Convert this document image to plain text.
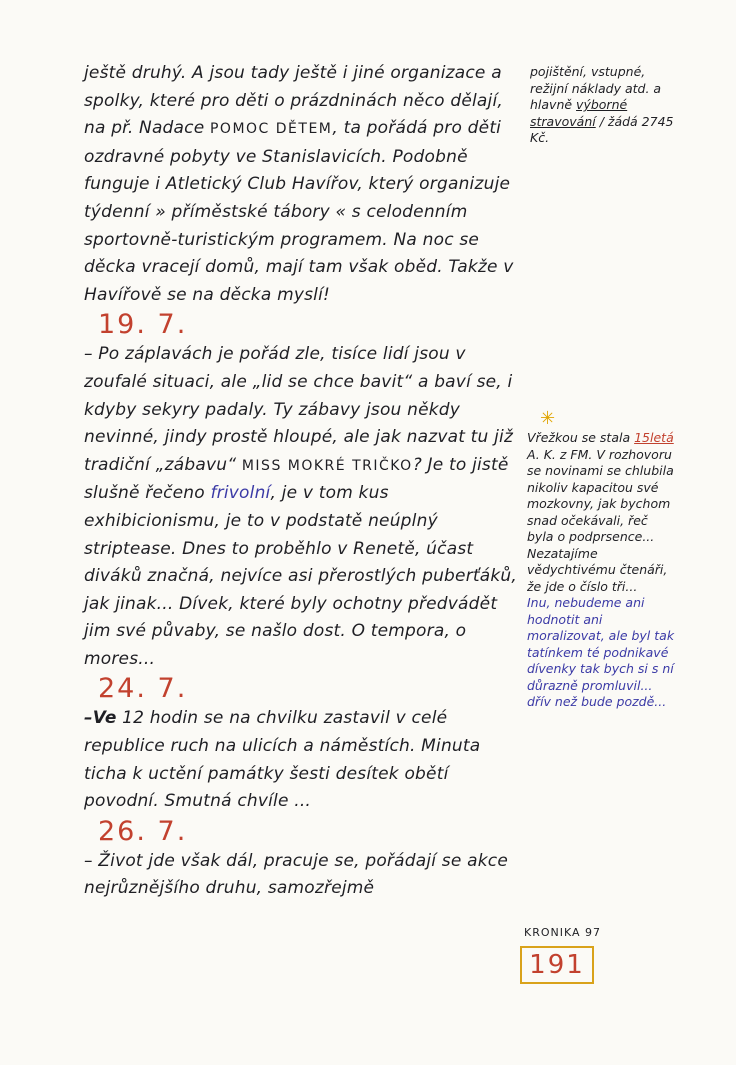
ještě druhý. A jsou tady ještě i jiné organizace a spolky, které pro děti o prázdninách něco dělají, na př. Nadace POMOC DĚTEM, ta pořádá pro děti ozdravné pobyty ve Stanislavicích. Podobně funguje i Atletický Club Havířov, který organizuje týdenní » příměstské tábory « s celodenním sportovně-turistickým programem. Na noc se děcka vracejí domů, mají tam však oběd. Takže v Havířově se na děcka myslí!

19. 7.

– Po záplavách je pořád zle, tisíce lidí jsou v zoufalé situaci, ale „lid se chce bavit“ a baví se, i kdyby sekyry padaly. Ty zábavy jsou někdy nevinné, jindy prostě hloupé, ale jak nazvat tu již tradiční „zábavu“ MISS MOKRÉ TRIČKO? Je to jistě slušně řečeno frivolní, je v tom kus exhibicionismu, je to v podstatě neúplný striptease. Dnes to proběhlo v Renetě, účast diváků značná, nejvíce asi přerostlých puberťáků, jak jinak... Dívek, které byly ochotny předvádět jim své půvaby, se našlo dost. O tempora, o mores...

24. 7.

–Ve 12 hodin se na chvilku zastavil v celé republice ruch na ulicích a náměstích. Minuta ticha k uctění památky šesti desítek obětí povodní. Smutná chvíle ...

26. 7.

– Život jde však dál, pracuje se, pořádají se akce nejrůznějšího druhu, samozřejmě

pojištění, vstupné, režijní náklady atd. a hlavně výborné stravování / žádá 2745 Kč.
✳
Vřežkou se stala 15letá A. K. z FM. V rozhovoru se novinami se chlubila nikoliv kapacitou své mozkovny, jak bychom snad očekávali, řeč byla o podprsence... Nezatajíme vědychtivému čtenáři, že jde o číslo tři...
Inu, nebudeme ani hodnotit ani moralizovat, ale byl tak tatínkem té podnikavé dívenky tak bych si s ní důrazně promluvil... dřív než bude pozdě...
KRONIKA 97
191
